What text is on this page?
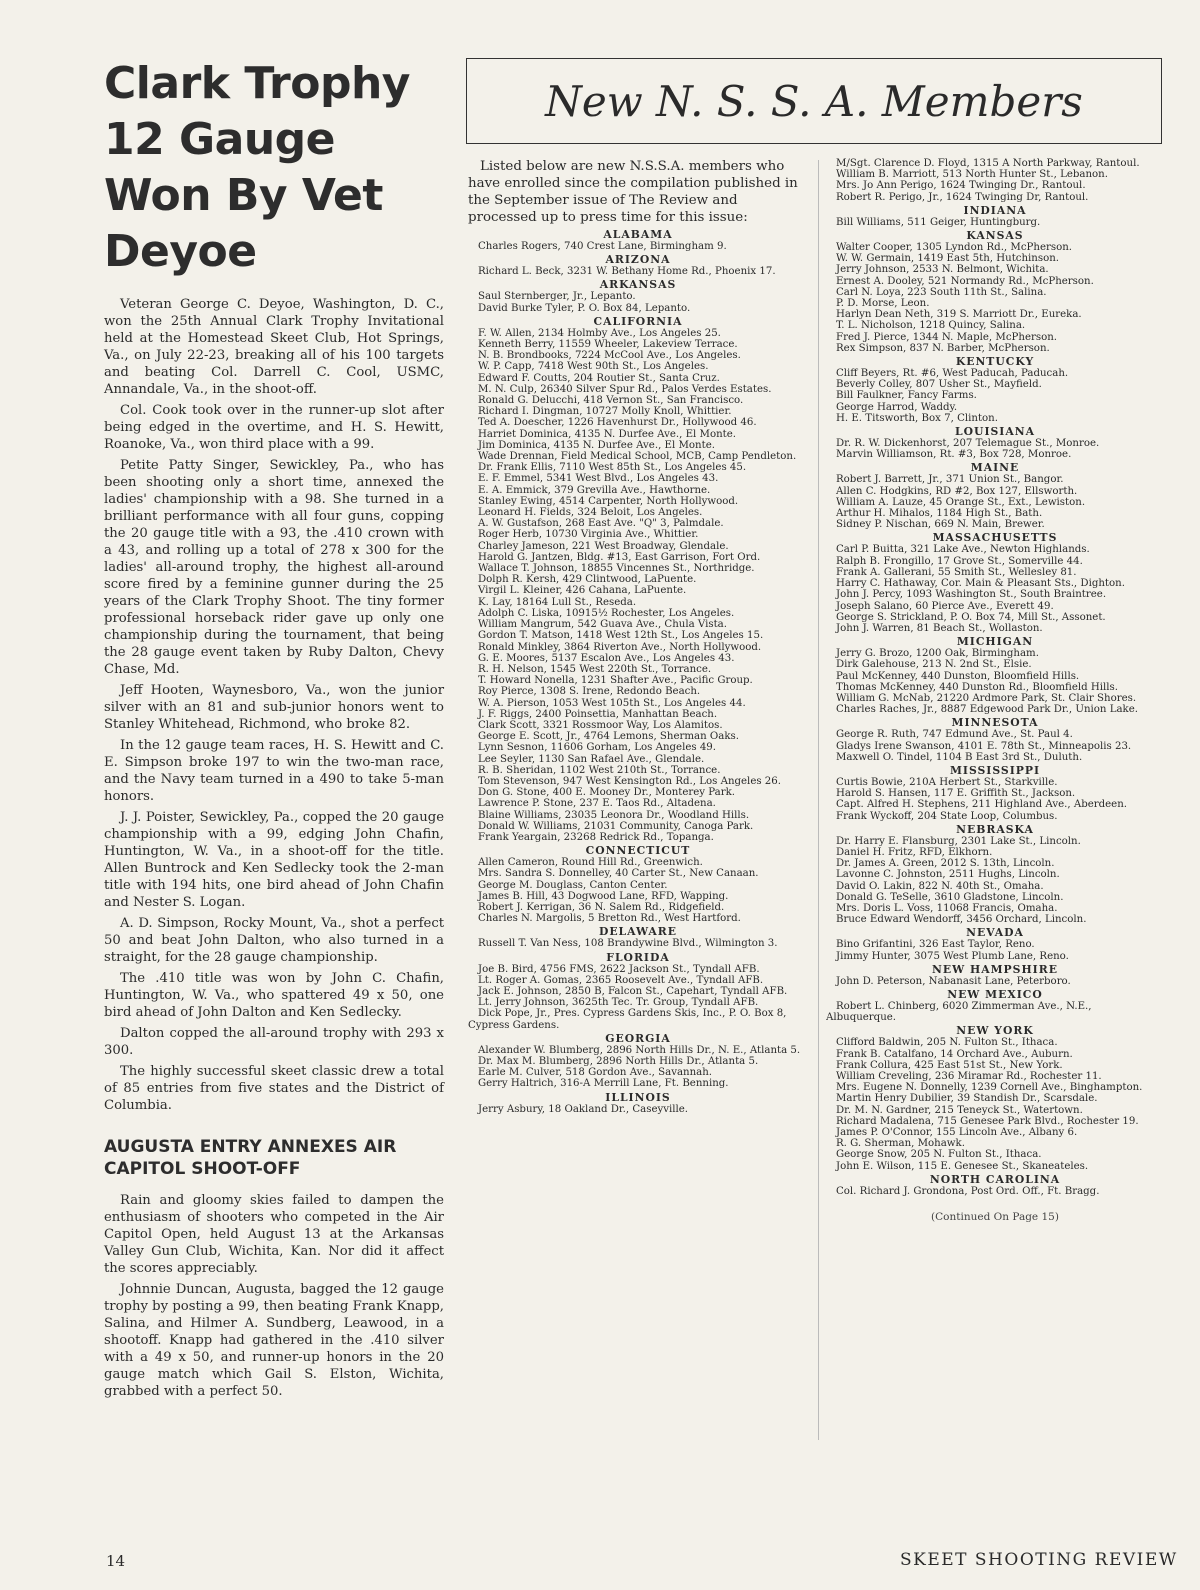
Clark Trophy 12 Gauge Won By Vet Deyoe

Veteran George C. Deyoe, Washington, D. C., won the 25th Annual Clark Trophy Invitational held at the Homestead Skeet Club, Hot Springs, Va., on July 22-23, breaking all of his 100 targets and beating Col. Darrell C. Cool, USMC, Annandale, Va., in the shoot-off.

Col. Cook took over in the runner-up slot after being edged in the overtime, and H. S. Hewitt, Roanoke, Va., won third place with a 99.

Petite Patty Singer, Sewickley, Pa., who has been shooting only a short time, annexed the ladies' championship with a 98. She turned in a brilliant performance with all four guns, copping the 20 gauge title with a 93, the .410 crown with a 43, and rolling up a total of 278 x 300 for the ladies' all-around trophy, the highest all-around score fired by a feminine gunner during the 25 years of the Clark Trophy Shoot. The tiny former professional horseback rider gave up only one championship during the tournament, that being the 28 gauge event taken by Ruby Dalton, Chevy Chase, Md.

Jeff Hooten, Waynesboro, Va., won the junior silver with an 81 and sub-junior honors went to Stanley Whitehead, Richmond, who broke 82.

In the 12 gauge team races, H. S. Hewitt and C. E. Simpson broke 197 to win the two-man race, and the Navy team turned in a 490 to take 5-man honors.

J. J. Poister, Sewickley, Pa., copped the 20 gauge championship with a 99, edging John Chafin, Huntington, W. Va., in a shoot-off for the title. Allen Buntrock and Ken Sedlecky took the 2-man title with 194 hits, one bird ahead of John Chafin and Nester S. Logan.

A. D. Simpson, Rocky Mount, Va., shot a perfect 50 and beat John Dalton, who also turned in a straight, for the 28 gauge championship.

The .410 title was won by John C. Chafin, Huntington, W. Va., who spattered 49 x 50, one bird ahead of John Dalton and Ken Sedlecky.

Dalton copped the all-around trophy with 293 x 300.

The highly successful skeet classic drew a total of 85 entries from five states and the District of Columbia.

AUGUSTA ENTRY ANNEXES AIR CAPITOL SHOOT-OFF

Rain and gloomy skies failed to dampen the enthusiasm of shooters who competed in the Air Capitol Open, held August 13 at the Arkansas Valley Gun Club, Wichita, Kan. Nor did it affect the scores appreciably.

Johnnie Duncan, Augusta, bagged the 12 gauge trophy by posting a 99, then beating Frank Knapp, Salina, and Hilmer A. Sundberg, Leawood, in a shootoff. Knapp had gathered in the .410 silver with a 49 x 50, and runner-up honors in the 20 gauge match which Gail S. Elston, Wichita, grabbed with a perfect 50.

New N. S. S. A. Members

Listed below are new N.S.S.A. members who have enrolled since the compilation published in the September issue of The Review and processed up to press time for this issue:

ALABAMA
Charles Rogers, 740 Crest Lane, Birmingham 9.
ARIZONA
Richard L. Beck, 3231 W. Bethany Home Rd., Phoenix 17.
ARKANSAS
Saul Sternberger, Jr., Lepanto.
David Burke Tyler, P. O. Box 84, Lepanto.
CALIFORNIA
F. W. Allen, 2134 Holmby Ave., Los Angeles 25.
Kenneth Berry, 11559 Wheeler, Lakeview Terrace.
N. B. Brondbooks, 7224 McCool Ave., Los Angeles.
W. P. Capp, 7418 West 90th St., Los Angeles.
Edward F. Coutts, 204 Routier St., Santa Cruz.
M. N. Culp, 26340 Silver Spur Rd., Palos Verdes Estates.
Ronald G. Delucchi, 418 Vernon St., San Francisco.
Richard I. Dingman, 10727 Molly Knoll, Whittier.
Ted A. Doescher, 1226 Havenhurst Dr., Hollywood 46.
Harriet Dominica, 4135 N. Durfee Ave., El Monte.
Jim Dominica, 4135 N. Durfee Ave., El Monte.
Wade Drennan, Field Medical School, MCB, Camp Pendleton.
Dr. Frank Ellis, 7110 West 85th St., Los Angeles 45.
E. F. Emmel, 5341 West Blvd., Los Angeles 43.
E. A. Emmick, 379 Grevilla Ave., Hawthorne.
Stanley Ewing, 4514 Carpenter, North Hollywood.
Leonard H. Fields, 324 Beloit, Los Angeles.
A. W. Gustafson, 268 East Ave. "Q" 3, Palmdale.
Roger Herb, 10730 Virginia Ave., Whittier.
Charley Jameson, 221 West Broadway, Glendale.
Harold G. Jantzen, Bldg. #13, East Garrison, Fort Ord.
Wallace T. Johnson, 18855 Vincennes St., Northridge.
Dolph R. Kersh, 429 Clintwood, LaPuente.
Virgil L. Kleiner, 426 Cahana, LaPuente.
K. Lay, 18164 Lull St., Reseda.
Adolph C. Liska, 10915½ Rochester, Los Angeles.
William Mangrum, 542 Guava Ave., Chula Vista.
Gordon T. Matson, 1418 West 12th St., Los Angeles 15.
Ronald Minkley, 3864 Riverton Ave., North Hollywood.
G. E. Moores, 5137 Escalon Ave., Los Angeles 43.
R. H. Nelson, 1545 West 220th St., Torrance.
T. Howard Nonella, 1231 Shafter Ave., Pacific Group.
Roy Pierce, 1308 S. Irene, Redondo Beach.
W. A. Pierson, 1053 West 105th St., Los Angeles 44.
J. F. Riggs, 2400 Poinsettia, Manhattan Beach.
Clark Scott, 3321 Rossmoor Way, Los Alamitos.
George E. Scott, Jr., 4764 Lemons, Sherman Oaks.
Lynn Sesnon, 11606 Gorham, Los Angeles 49.
Lee Seyler, 1130 San Rafael Ave., Glendale.
R. B. Sheridan, 1102 West 210th St., Torrance.
Tom Stevenson, 947 West Kensington Rd., Los Angeles 26.
Don G. Stone, 400 E. Mooney Dr., Monterey Park.
Lawrence P. Stone, 237 E. Taos Rd., Altadena.
Blaine Williams, 23035 Leonora Dr., Woodland Hills.
Donald W. Williams, 21031 Community, Canoga Park.
Frank Yeargain, 23268 Redrick Rd., Topanga.
CONNECTICUT
Allen Cameron, Round Hill Rd., Greenwich.
Mrs. Sandra S. Donnelley, 40 Carter St., New Canaan.
George M. Douglass, Canton Center.
James B. Hill, 43 Dogwood Lane, RFD, Wapping.
Robert J. Kerrigan, 36 N. Salem Rd., Ridgefield.
Charles N. Margolis, 5 Bretton Rd., West Hartford.
DELAWARE
Russell T. Van Ness, 108 Brandywine Blvd., Wilmington 3.
FLORIDA
Joe B. Bird, 4756 FMS, 2622 Jackson St., Tyndall AFB.
Lt. Roger A. Gomas, 2365 Roosevelt Ave., Tyndall AFB.
Jack E. Johnson, 2850 B, Falcon St., Capehart, Tyndall AFB.
Lt. Jerry Johnson, 3625th Tec. Tr. Group, Tyndall AFB.
Dick Pope, Jr., Pres. Cypress Gardens Skis, Inc., P. O. Box 8, Cypress Gardens.
GEORGIA
Alexander W. Blumberg, 2896 North Hills Dr., N. E., Atlanta 5.
Dr. Max M. Blumberg, 2896 North Hills Dr., Atlanta 5.
Earle M. Culver, 518 Gordon Ave., Savannah.
Gerry Haltrich, 316-A Merrill Lane, Ft. Benning.
ILLINOIS
Jerry Asbury, 18 Oakland Dr., Caseyville.
M/Sgt. Clarence D. Floyd, 1315 A North Parkway, Rantoul.
William B. Marriott, 513 North Hunter St., Lebanon.
Mrs. Jo Ann Perigo, 1624 Twinging Dr., Rantoul.
Robert R. Perigo, Jr., 1624 Twinging Dr, Rantoul.
INDIANA
Bill Williams, 511 Geiger, Huntingburg.
KANSAS
Walter Cooper, 1305 Lyndon Rd., McPherson.
W. W. Germain, 1419 East 5th, Hutchinson.
Jerry Johnson, 2533 N. Belmont, Wichita.
Ernest A. Dooley, 521 Normandy Rd., McPherson.
Carl N. Loya, 223 South 11th St., Salina.
P. D. Morse, Leon.
Harlyn Dean Neth, 319 S. Marriott Dr., Eureka.
T. L. Nicholson, 1218 Quincy, Salina.
Fred J. Pierce, 1344 N. Maple, McPherson.
Rex Simpson, 837 N. Barber, McPherson.
KENTUCKY
Cliff Beyers, Rt. #6, West Paducah, Paducah.
Beverly Colley, 807 Usher St., Mayfield.
Bill Faulkner, Fancy Farms.
George Harrod, Waddy.
H. E. Titsworth, Box 7, Clinton.
LOUISIANA
Dr. R. W. Dickenhorst, 207 Telemague St., Monroe.
Marvin Williamson, Rt. #3, Box 728, Monroe.
MAINE
Robert J. Barrett, Jr., 371 Union St., Bangor.
Allen C. Hodgkins, RD #2, Box 127, Ellsworth.
William A. Lauze, 45 Orange St., Ext., Lewiston.
Arthur H. Mihalos, 1184 High St., Bath.
Sidney P. Nischan, 669 N. Main, Brewer.
MASSACHUSETTS
Carl P. Buitta, 321 Lake Ave., Newton Highlands.
Ralph B. Frongillo, 17 Grove St., Somerville 44.
Frank A. Gallerani, 55 Smith St., Wellesley 81.
Harry C. Hathaway, Cor. Main & Pleasant Sts., Dighton.
John J. Percy, 1093 Washington St., South Braintree.
Joseph Salano, 60 Pierce Ave., Everett 49.
George S. Strickland, P. O. Box 74, Mill St., Assonet.
John J. Warren, 81 Beach St., Wollaston.
MICHIGAN
Jerry G. Brozo, 1200 Oak, Birmingham.
Dirk Galehouse, 213 N. 2nd St., Elsie.
Paul McKenney, 440 Dunston, Bloomfield Hills.
Thomas McKenney, 440 Dunston Rd., Bloomfield Hills.
William G. McNab, 21220 Ardmore Park, St. Clair Shores.
Charles Raches, Jr., 8887 Edgewood Park Dr., Union Lake.
MINNESOTA
George R. Ruth, 747 Edmund Ave., St. Paul 4.
Gladys Irene Swanson, 4101 E. 78th St., Minneapolis 23.
Maxwell O. Tindel, 1104 B East 3rd St., Duluth.
MISSISSIPPI
Curtis Bowie, 210A Herbert St., Starkville.
Harold S. Hansen, 117 E. Griffith St., Jackson.
Capt. Alfred H. Stephens, 211 Highland Ave., Aberdeen.
Frank Wyckoff, 204 State Loop, Columbus.
NEBRASKA
Dr. Harry E. Flansburg, 2301 Lake St., Lincoln.
Daniel H. Fritz, RFD, Elkhorn.
Dr. James A. Green, 2012 S. 13th, Lincoln.
Lavonne C. Johnston, 2511 Hughs, Lincoln.
David O. Lakin, 822 N. 40th St., Omaha.
Donald G. TeSelle, 3610 Gladstone, Lincoln.
Mrs. Doris L. Voss, 11068 Francis, Omaha.
Bruce Edward Wendorff, 3456 Orchard, Lincoln.
NEVADA
Bino Grifantini, 326 East Taylor, Reno.
Jimmy Hunter, 3075 West Plumb Lane, Reno.
NEW HAMPSHIRE
John D. Peterson, Nabanasit Lane, Peterboro.
NEW MEXICO
Robert L. Chinberg, 6020 Zimmerman Ave., N.E., Albuquerque.
NEW YORK
Clifford Baldwin, 205 N. Fulton St., Ithaca.
Frank B. Catalfano, 14 Orchard Ave., Auburn.
Frank Collura, 425 East 51st St., New York.
William Creveling, 236 Miramar Rd., Rochester 11.
Mrs. Eugene N. Donnelly, 1239 Cornell Ave., Binghampton.
Martin Henry Dubilier, 39 Standish Dr., Scarsdale.
Dr. M. N. Gardner, 215 Teneyck St., Watertown.
Richard Madalena, 715 Genesee Park Blvd., Rochester 19.
James P. O'Connor, 155 Lincoln Ave., Albany 6.
R. G. Sherman, Mohawk.
George Snow, 205 N. Fulton St., Ithaca.
John E. Wilson, 115 E. Genesee St., Skaneateles.
NORTH CAROLINA
Col. Richard J. Grondona, Post Ord. Off., Ft. Bragg.
(Continued On Page 15)
14	SKEET SHOOTING REVIEW
